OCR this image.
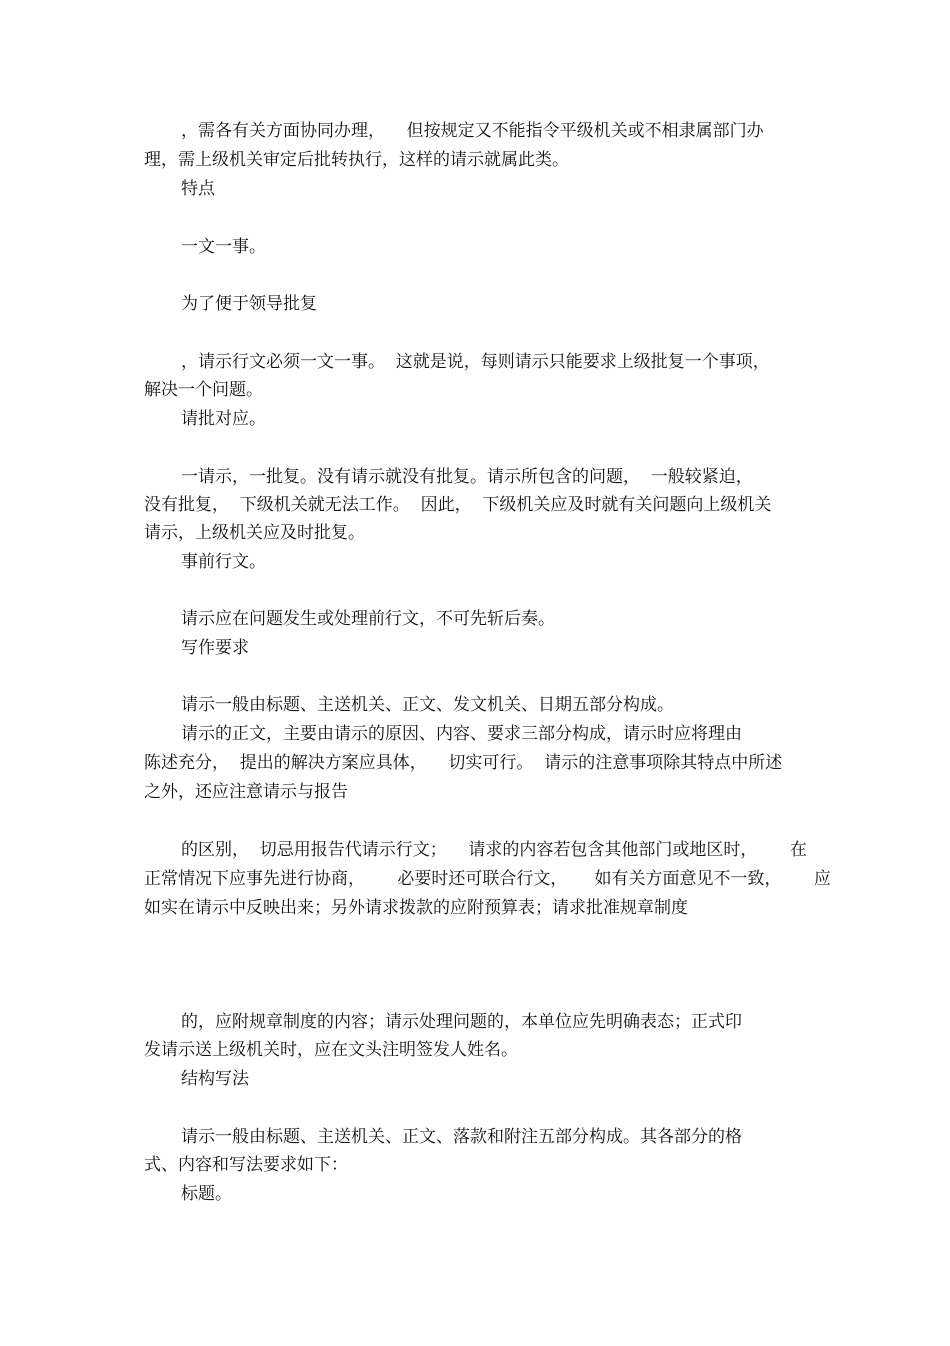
，需各有关方面协同办理，    但按规定又不能指令平级机关或不相隶属部门办

理，需上级机关审定后批转执行，这样的请示就属此类。

特点

一文一事。

为了便于领导批复

，请示行文必须一文一事。  这就是说，每则请示只能要求上级批复一个事项，

解决一个问题。

请批对应。

一请示，一批复。没有请示就没有批复。请示所包含的问题，  一般较紧迫，

没有批复，  下级机关就无法工作。  因此，  下级机关应及时就有关问题向上级机关

请示，上级机关应及时批复。

事前行文。

请示应在问题发生或处理前行文，不可先斩后奏。

写作要求

请示一般由标题、主送机关、正文、发文机关、日期五部分构成。

请示的正文，主要由请示的原因、内容、要求三部分构成，请示时应将理由

陈述充分，  提出的解决方案应具体，    切实可行。  请示的注意事项除其特点中所述

之外，还应注意请示与报告

的区别，  切忌用报告代请示行文；    请求的内容若包含其他部门或地区时，      在

正常情况下应事先进行协商，      必要时还可联合行文，     如有关方面意见不一致，      应

如实在请示中反映出来；另外请求拨款的应附预算表；请求批准规章制度

的，应附规章制度的内容；请示处理问题的，本单位应先明确表态；正式印

发请示送上级机关时，应在文头注明签发人姓名。

结构写法

请示一般由标题、主送机关、正文、落款和附注五部分构成。其各部分的格

式、内容和写法要求如下：

标题。
